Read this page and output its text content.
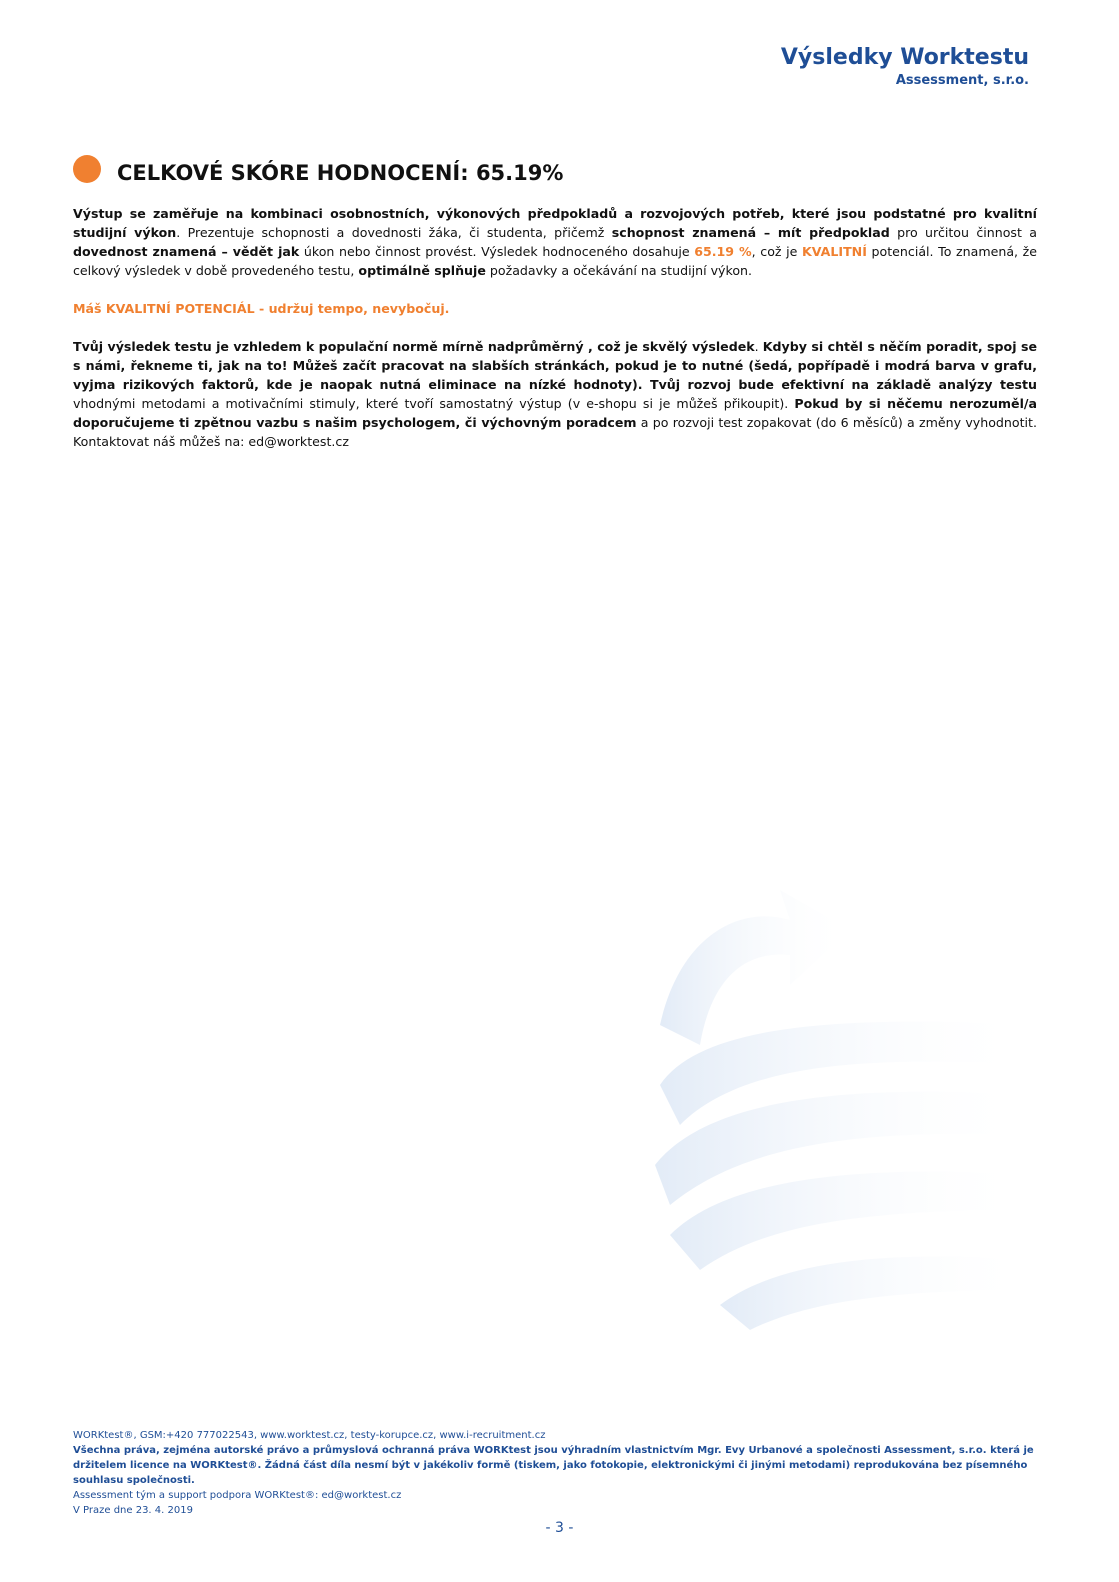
Výsledky Worktestu
Assessment, s.r.o.
CELKOVÉ SKÓRE HODNOCENÍ: 65.19%

Výstup se zaměřuje na kombinaci osobnostních, výkonových předpokladů a rozvojových potřeb, které jsou podstatné pro kvalitní studijní výkon. Prezentuje schopnosti a dovednosti žáka, či studenta, přičemž schopnost znamená – mít předpoklad pro určitou činnost a dovednost znamená – vědět jak úkon nebo činnost provést. Výsledek hodnoceného dosahuje 65.19 %, což je KVALITNÍ potenciál. To znamená, že celkový výsledek v době provedeného testu, optimálně splňuje požadavky a očekávání na studijní výkon.

Máš KVALITNÍ POTENCIÁL - udržuj tempo, nevybočuj.

Tvůj výsledek testu je vzhledem k populační normě mírně nadprůměrný , což je skvělý výsledek. Kdyby si chtěl s něčím poradit, spoj se s námi, řekneme ti, jak na to! Můžeš začít pracovat na slabších stránkách, pokud je to nutné (šedá, popřípadě i modrá barva v grafu, vyjma rizikových faktorů, kde je naopak nutná eliminace na nízké hodnoty). Tvůj rozvoj bude efektivní na základě analýzy testu vhodnými metodami a motivačními stimuly, které tvoří samostatný výstup (v e-shopu si je můžeš přikoupit). Pokud by si něčemu nerozuměl/a doporučujeme ti zpětnou vazbu s našim psychologem, či výchovným poradcem a po rozvoji test zopakovat (do 6 měsíců) a změny vyhodnotit. Kontaktovat náš můžeš na: ed@worktest.cz

WORKtest®, GSM:+420 777022543, www.worktest.cz, testy-korupce.cz, www.i-recruitment.cz
Všechna práva, zejména autorské právo a průmyslová ochranná práva WORKtest jsou výhradním vlastnictvím Mgr. Evy Urbanové a společnosti Assessment, s.r.o. která je držitelem licence na WORKtest®. Žádná část díla nesmí být v jakékoliv formě (tiskem, jako fotokopie, elektronickými či jinými metodami) reprodukována bez písemného souhlasu společnosti.
Assessment tým a support podpora WORKtest®: ed@worktest.cz
V Praze dne 23. 4. 2019
- 3 -
